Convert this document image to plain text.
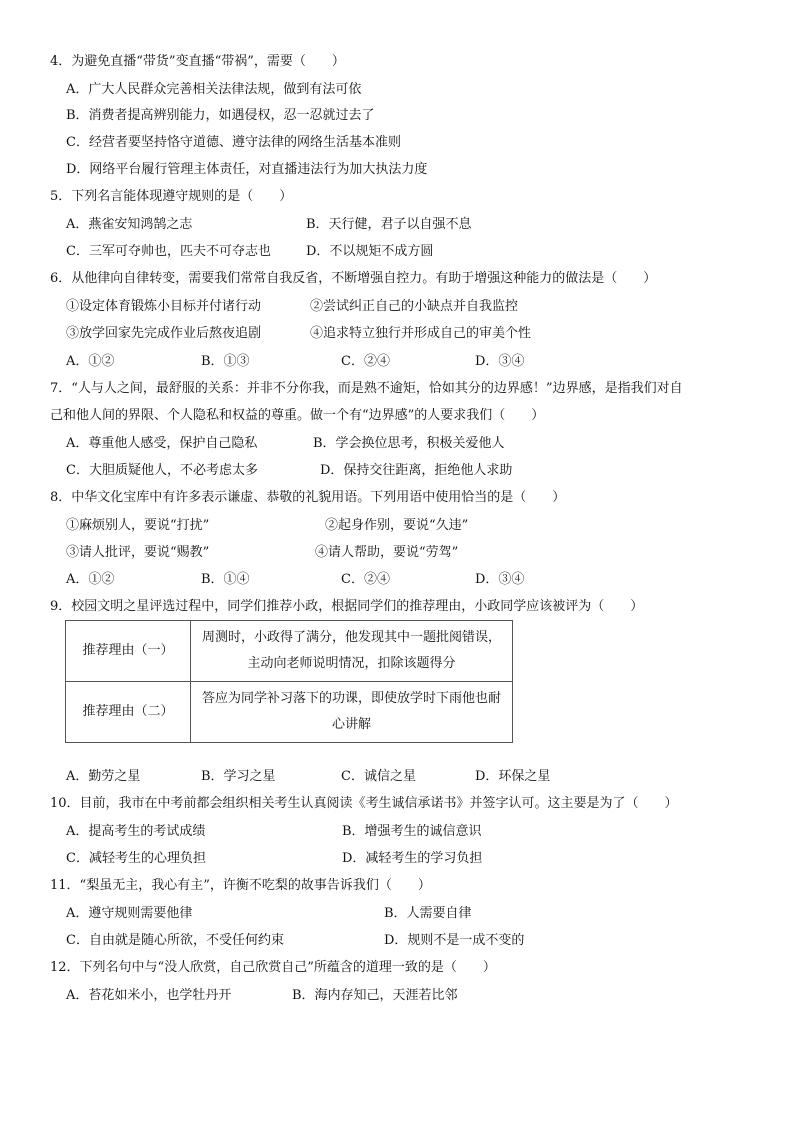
4．为避免直播“带货”变直播“带祸”，需要（　　）
A．广大人民群众完善相关法律法规，做到有法可依
B．消费者提高辨别能力，如遇侵权，忍一忍就过去了
C．经营者要坚持恪守道德、遵守法律的网络生活基本准则
D．网络平台履行管理主体责任，对直播违法行为加大执法力度
5．下列名言能体现遵守规则的是（　　）
A．燕雀安知鸿鹄之志	B．天行健，君子以自强不息
C．三军可夺帅也，匹夫不可夺志也	D．不以规矩不成方圆
6．从他律向自律转变，需要我们常常自我反省，不断增强自控力。有助于增强这种能力的做法是（　　）
①设定体育锻炼小目标并付诸行动	②尝试纠正自己的小缺点并自我监控
③放学回家先完成作业后熬夜追剧	④追求特立独行并形成自己的审美个性
A．①②	B．①③	C．②④	D．③④
7．“人与人之间，最舒服的关系：并非不分你我，而是熟不逾矩，恰如其分的边界感！”边界感，是指我们对自
己和他人间的界限、个人隐私和权益的尊重。做一个有“边界感”的人要求我们（　　）
A．尊重他人感受，保护自己隐私	B．学会换位思考，积极关爱他人
C．大胆质疑他人，不必考虑太多	D．保持交往距离，拒绝他人求助
8．中华文化宝库中有许多表示谦虚、恭敬的礼貌用语。下列用语中使用恰当的是（　　）
①麻烦别人，要说“打扰”	②起身作别，要说“久违”
③请人批评，要说“赐教”	④请人帮助，要说“劳驾”
A．①②	B．①④	C．②④	D．③④
9．校园文明之星评选过程中，同学们推荐小政，根据同学们的推荐理由，小政同学应该被评为（　　）
推荐理由（一）	周测时，小政得了满分，他发现其中一题批阅错误，
主动向老师说明情况，扣除该题得分

推荐理由（二）	答应为同学补习落下的功课，即使放学时下雨他也耐
心讲解
A．勤劳之星	B．学习之星	C．诚信之星	D．环保之星
10．目前，我市在中考前都会组织相关考生认真阅读《考生诚信承诺书》并签字认可。这主要是为了（　　）
A．提高考生的考试成绩	B．增强考生的诚信意识
C．减轻考生的心理负担	D．减轻考生的学习负担
11．“梨虽无主，我心有主”，许衡不吃梨的故事告诉我们（　　）
A．遵守规则需要他律	B．人需要自律
C．自由就是随心所欲，不受任何约束	D．规则不是一成不变的
12．下列名句中与“没人欣赏，自己欣赏自己”所蕴含的道理一致的是（　　）
A．苔花如米小，也学牡丹开	B．海内存知己，天涯若比邻
